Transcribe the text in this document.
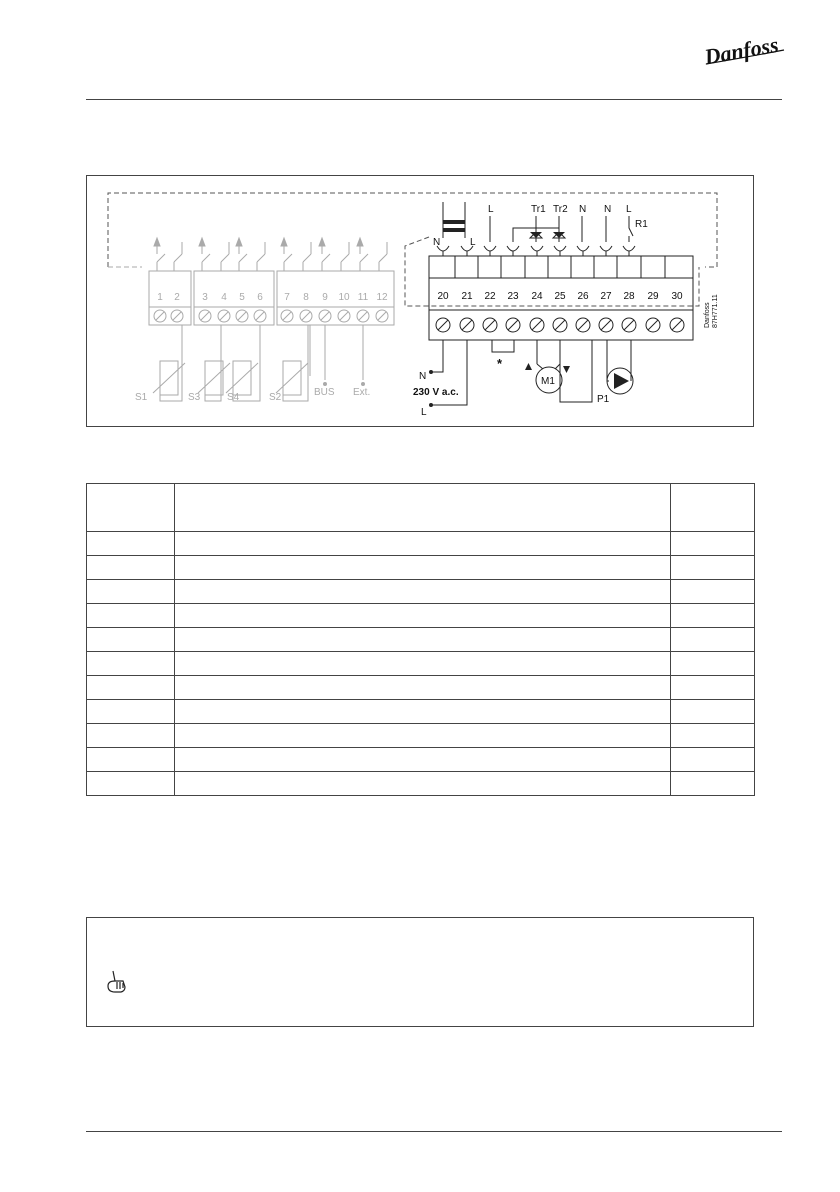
Danfoss
S1	S3	S4	S2	BUS Ext.
N	L
L	Tr1 Tr2 N N L
R1
Danfoss 87H771.11
N
230 V a.c.
L
*
M1
P1
1 2 3 4 5 6 7 8 9 10 11 12	20 21 22 23 24 25 26 27 28 29 30
